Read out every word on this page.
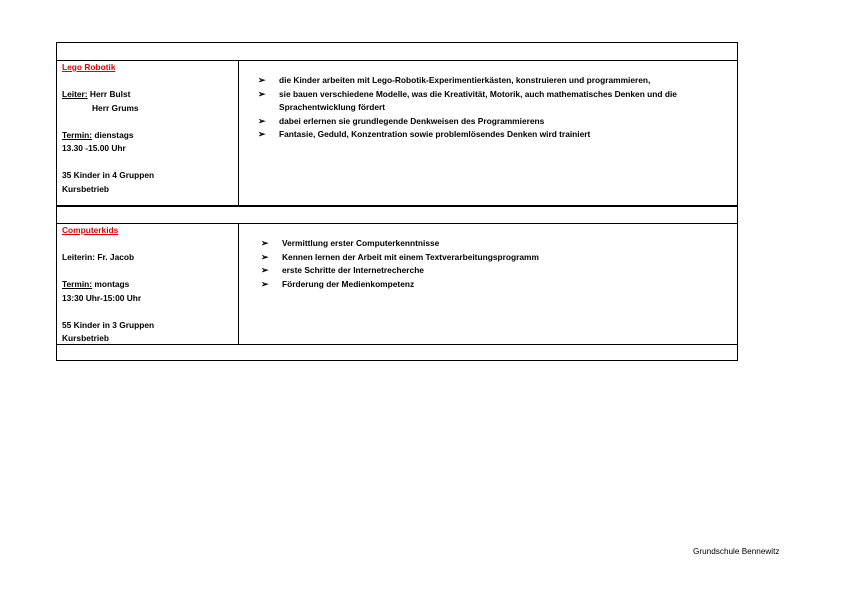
Lego Robotik
Leiter: Herr Bulst
Herr Grums
Termin: dienstags
13.30 -15.00 Uhr
35 Kinder in 4 Gruppen
Kursbetrieb
➢ die Kinder arbeiten mit Lego-Robotik-Experimentierkästen, konstruieren und programmieren,
➢ sie bauen verschiedene Modelle, was die Kreativität, Motorik, auch mathematisches Denken und die Sprachentwicklung fördert
➢ dabei erlernen sie grundlegende Denkweisen des Programmierens
➢ Fantasie, Geduld, Konzentration sowie problemlösendes Denken wird trainiert
Computerkids
Leiterin: Fr. Jacob
Termin: montags
13:30 Uhr-15:00 Uhr
55 Kinder in 3 Gruppen
Kursbetrieb
➢ Vermittlung erster Computerkenntnisse
➢ Kennen lernen der Arbeit mit einem Textverarbeitungsprogramm
➢ erste Schritte der Internetrecherche
➢ Förderung der Medienkompetenz
Grundschule Bennewitz
